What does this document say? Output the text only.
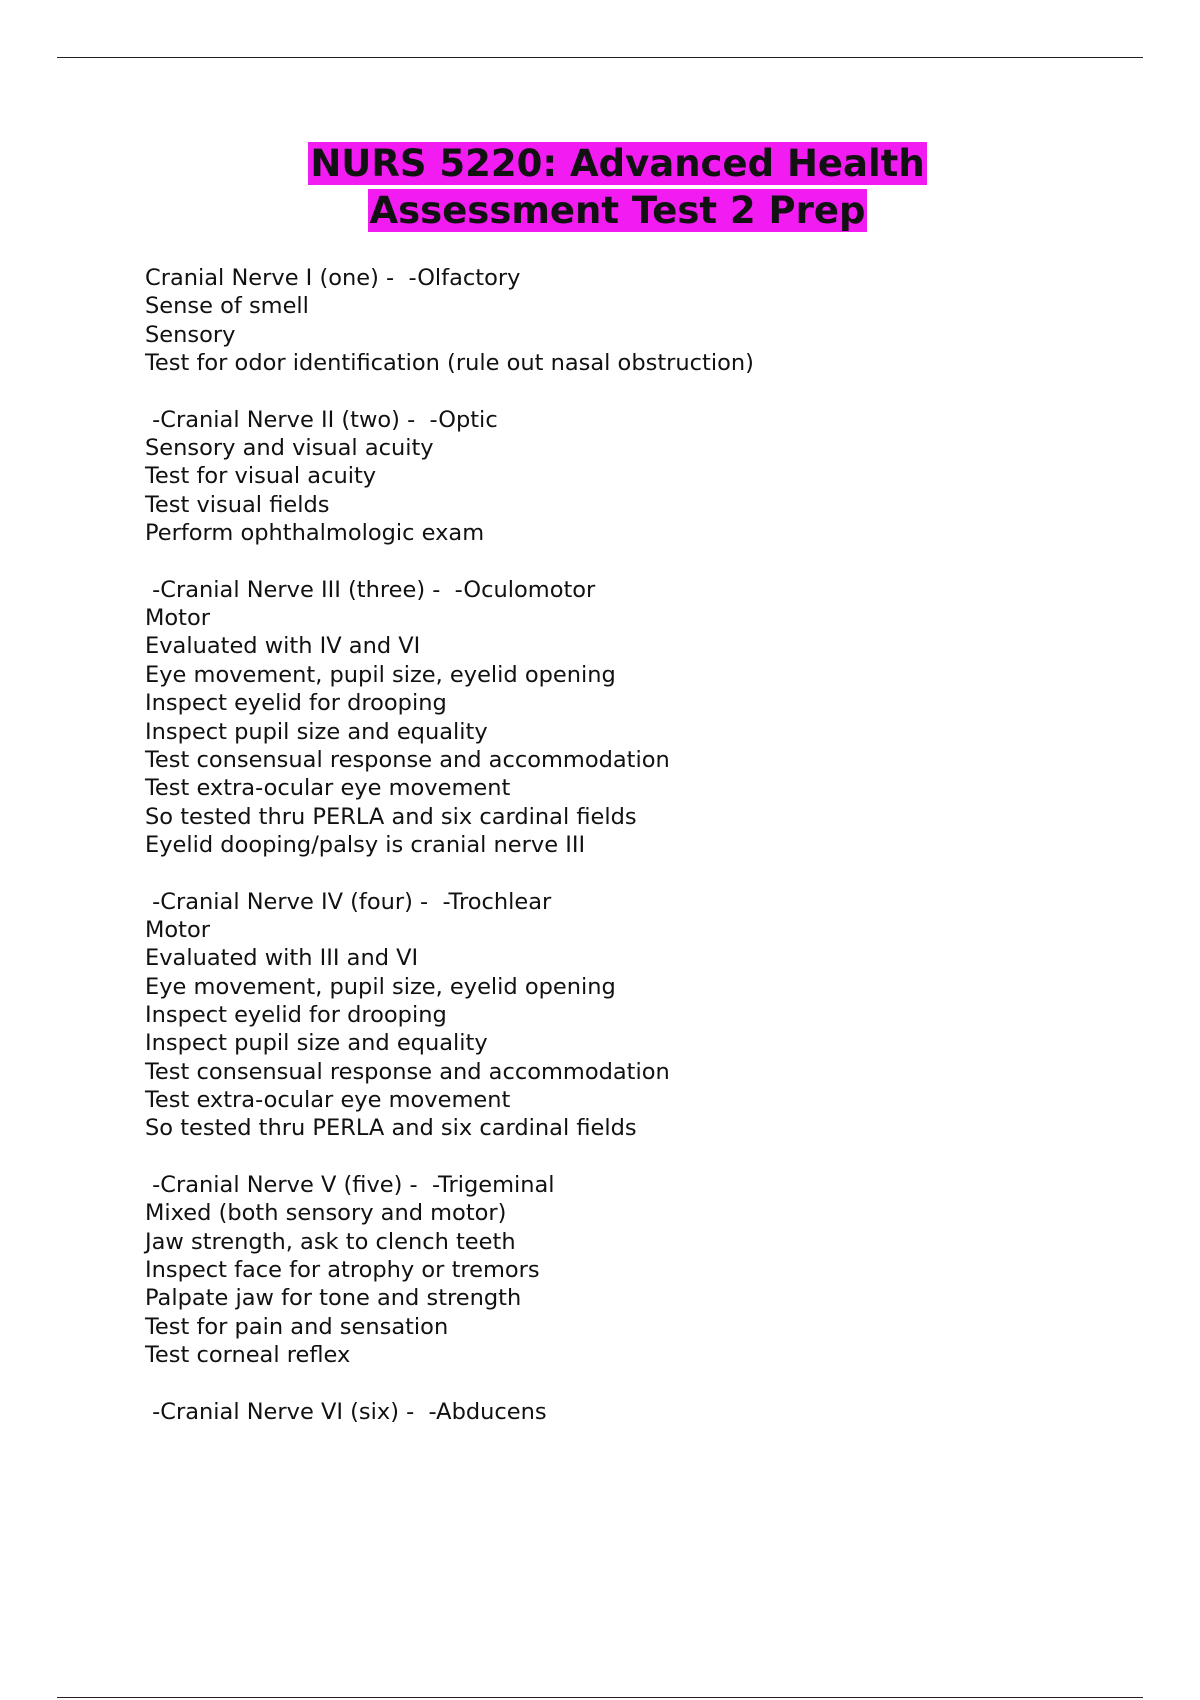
NURS 5220: Advanced Health
Assessment Test 2 Prep
Cranial Nerve I (one) -  -Olfactory
Sense of smell
Sensory
Test for odor identification (rule out nasal obstruction)
-Cranial Nerve II (two) -  -Optic
Sensory and visual acuity
Test for visual acuity
Test visual fields
Perform ophthalmologic exam
-Cranial Nerve III (three) -  -Oculomotor
Motor
Evaluated with IV and VI
Eye movement, pupil size, eyelid opening
Inspect eyelid for drooping
Inspect pupil size and equality
Test consensual response and accommodation
Test extra-ocular eye movement
So tested thru PERLA and six cardinal fields
Eyelid dooping/palsy is cranial nerve III
-Cranial Nerve IV (four) -  -Trochlear
Motor
Evaluated with III and VI
Eye movement, pupil size, eyelid opening
Inspect eyelid for drooping
Inspect pupil size and equality
Test consensual response and accommodation
Test extra-ocular eye movement
So tested thru PERLA and six cardinal fields
-Cranial Nerve V (five) -  -Trigeminal
Mixed (both sensory and motor)
Jaw strength, ask to clench teeth
Inspect face for atrophy or tremors
Palpate jaw for tone and strength
Test for pain and sensation
Test corneal reflex
-Cranial Nerve VI (six) -  -Abducens
